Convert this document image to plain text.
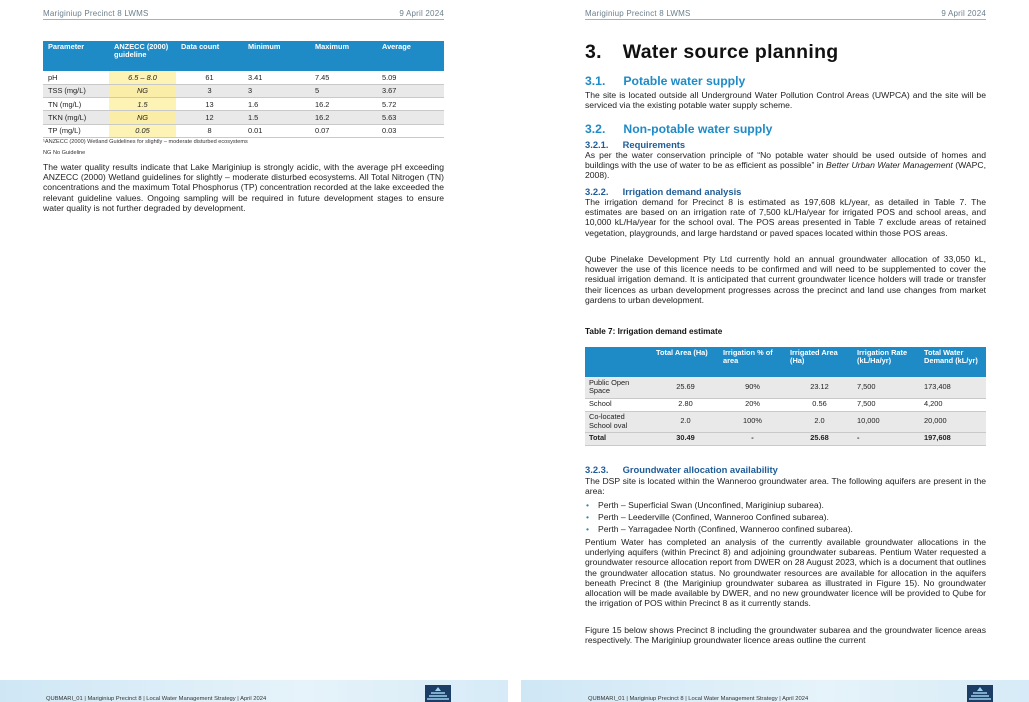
Mariginiup Precinct 8 LWMS	9 April 2024
Parameter	ANZECC (2000) guideline	Data count	Minimum	Maximum	Average
pH	6.5 – 8.0	61	3.41	7.45	5.09
TSS (mg/L)	NG	3	3	5	3.67
TN (mg/L)	1.5	13	1.6	16.2	5.72
TKN (mg/L)	NG	12	1.5	16.2	5.63
TP (mg/L)	0.05	8	0.01	0.07	0.03
¹ANZECC (2000) Wetland Guidelines for slightly – moderate disturbed ecosystems
NG No Guideline
The water quality results indicate that Lake Mariginiup is strongly acidic, with the average pH exceeding ANZECC (2000) Wetland guidelines for slightly – moderate disturbed ecosystems. All Total Nitrogen (TN) concentrations and the maximum Total Phosphorus (TP) concentration recorded at the lake exceeded the relevant guideline values. Ongoing sampling will be required in future development stages to ensure water quality is not further degraded by development.
QUBMARI_01 | Mariginiup Precinct 8 | Local Water Management Strategy | April 2024
Mariginiup Precinct 8 LWMS	9 April 2024
3. Water source planning
3.1. Potable water supply
The site is located outside all Underground Water Pollution Control Areas (UWPCA) and the site will be serviced via the existing potable water supply scheme.
3.2. Non-potable water supply
3.2.1. Requirements
As per the water conservation principle of “No potable water should be used outside of homes and buildings with the use of water to be as efficient as possible” in Better Urban Water Management (WAPC, 2008).
3.2.2. Irrigation demand analysis
The irrigation demand for Precinct 8 is estimated as 197,608 kL/year, as detailed in Table 7. The estimates are based on an irrigation rate of 7,500 kL/Ha/year for irrigated POS and school areas, and 10,000 kL/Ha/year for the school oval. The POS areas presented in Table 7 exclude areas of retained vegetation, playgrounds, and large hardstand or paved spaces located within those POS areas.
Qube Pinelake Development Pty Ltd currently hold an annual groundwater allocation of 33,050 kL, however the use of this licence needs to be confirmed and will need to be supplemented to cover the residual irrigation demand. It is anticipated that current groundwater licence holders will trade or transfer their licences as urban development progresses across the precinct and land use changes from market gardens to urban development.
Table 7: Irrigation demand estimate
	Total Area (Ha)	Irrigation % of area	Irrigated Area (Ha)	Irrigation Rate (kL/Ha/yr)	Total Water Demand (kL/yr)
Public Open Space	25.69	90%	23.12	7,500	173,408
School	2.80	20%	0.56	7,500	4,200
Co-located School oval	2.0	100%	2.0	10,000	20,000
Total	30.49	-	25.68	-	197,608
3.2.3. Groundwater allocation availability
The DSP site is located within the Wanneroo groundwater area. The following aquifers are present in the area:
• Perth – Superficial Swan (Unconfined, Mariginiup subarea).
• Perth – Leederville (Confined, Wanneroo Confined subarea).
• Perth – Yarragadee North (Confined, Wanneroo confined subarea).
Pentium Water has completed an analysis of the currently available groundwater allocations in the underlying aquifers (within Precinct 8) and adjoining groundwater subareas. Pentium Water requested a groundwater resource allocation report from DWER on 28 August 2023, which is a document that outlines the groundwater allocation status. No groundwater resources are available for allocation in the aquifers beneath Precinct 8 (the Mariginiup groundwater subarea as illustrated in Figure 15). No groundwater allocation will be made available by DWER, and no new groundwater licence will be provided to Qube for the irrigation of POS within Precinct 8 as it currently stands.
Figure 15 below shows Precinct 8 including the groundwater subarea and the groundwater licence areas respectively. The Mariginiup groundwater licence areas outline the current
QUBMARI_01 | Mariginiup Precinct 8 | Local Water Management Strategy | April 2024
